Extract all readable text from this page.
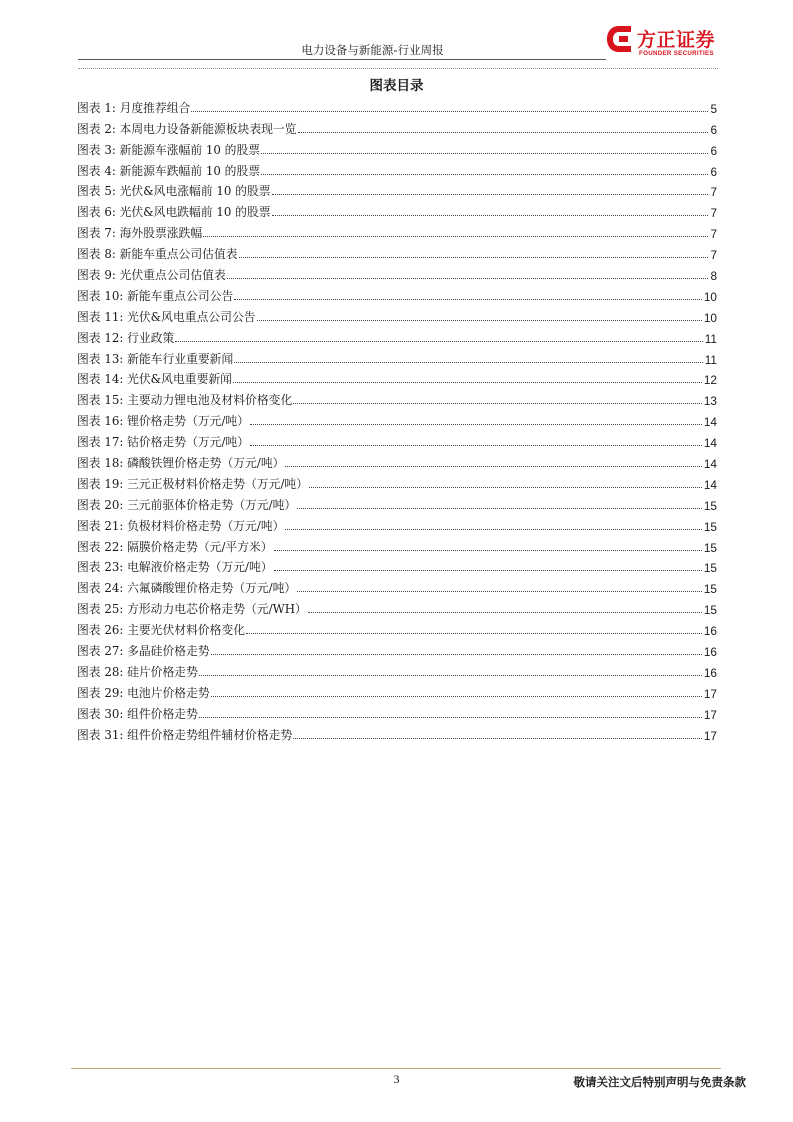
电力设备与新能源-行业周报	方正证券
FOUNDER SECURITIES
图表目录
图表 1: 月度推荐组合	5
图表 2: 本周电力设备新能源板块表现一览	6
图表 3: 新能源车涨幅前 10 的股票	6
图表 4: 新能源车跌幅前 10 的股票	6
图表 5: 光伏&风电涨幅前 10 的股票	7
图表 6: 光伏&风电跌幅前 10 的股票	7
图表 7: 海外股票涨跌幅	7
图表 8: 新能车重点公司估值表	7
图表 9: 光伏重点公司估值表	8
图表 10: 新能车重点公司公告	10
图表 11: 光伏&风电重点公司公告	10
图表 12: 行业政策	11
图表 13: 新能车行业重要新闻	11
图表 14: 光伏&风电重要新闻	12
图表 15: 主要动力锂电池及材料价格变化	13
图表 16: 锂价格走势（万元/吨）	14
图表 17: 钴价格走势（万元/吨）	14
图表 18: 磷酸铁锂价格走势（万元/吨）	14
图表 19: 三元正极材料价格走势（万元/吨）	14
图表 20: 三元前驱体价格走势（万元/吨）	15
图表 21: 负极材料价格走势（万元/吨）	15
图表 22: 隔膜价格走势（元/平方米）	15
图表 23: 电解液价格走势（万元/吨）	15
图表 24: 六氟磷酸锂价格走势（万元/吨）	15
图表 25: 方形动力电芯价格走势（元/WH）	15
图表 26: 主要光伏材料价格变化	16
图表 27: 多晶硅价格走势	16
图表 28: 硅片价格走势	16
图表 29: 电池片价格走势	17
图表 30: 组件价格走势	17
图表 31: 组件价格走势组件辅材价格走势	17
3	敬请关注文后特别声明与免责条款
